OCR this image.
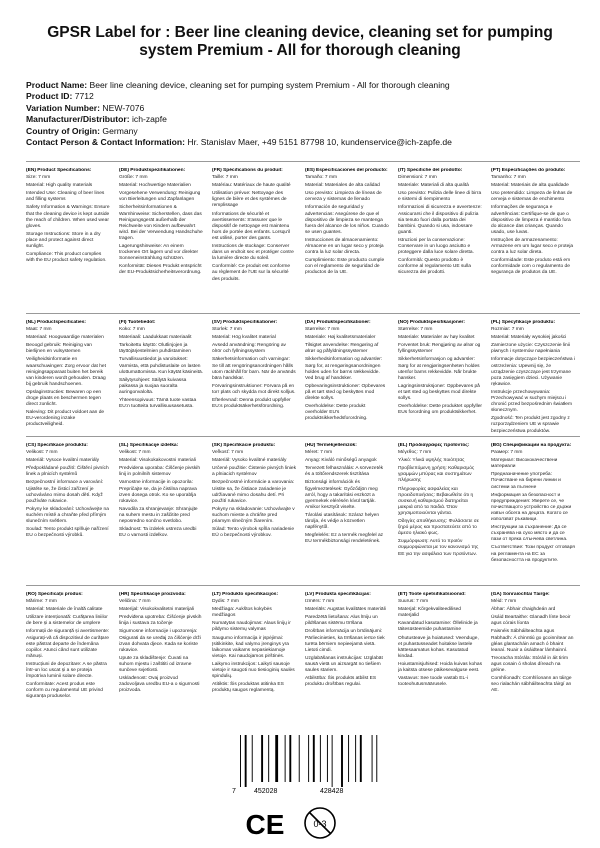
GPSR Label for : Beer line cleaning device, cleaning set for pumping system Premium - All for thorough cleaning
Product Name: Beer line cleaning device, cleaning set for pumping system Premium - All for thorough cleaning
Product ID: 7712
Variation Number: NEW-7076
Manufacturer/Distributor: ich-zapfe
Country of Origin: Germany
Contact Person & Contact Information: Hr. Stanislav Maer, +49 5151 87798 10, kundenservice@ich-zapfe.de
(EN) Product Specifications:

Size: 7 mm

Material: High quality materials

Intended Use: Cleaning of beer lines and filling systems

Safety Information & Warnings: Ensure that the cleaning device is kept outside the reach of children. When used wear gloves.

Storage Instructions: Store in a dry place and protect against direct sunlight.

Compliance: This product complies with the EU product safety regulation.

(DE) Produktspezifikationen:

Größe: 7 mm

Material: Hochwertige Materialien

Vorgesehene Verwendung: Reinigung von Bierleitungen und Zapfanlagen

Sicherheitsinformationen & Warnhinweise: Sicherstellen, dass das Reinigungsgerät außerhalb der Reichweite von Kindern aufbewahrt wird. Bei der Verwendung Handschuhe tragen.

Lagerungshinweise: An einem trockenen Ort lagern und vor direkter Sonneneinstrahlung schützen.

Konformität: Dieses Produkt entspricht der EU-Produktsicherheitsverordnung.

(FR) Spécifications du produit:

Taille: 7 mm

Matériau: Matériaux de haute qualité

Utilisation prévue: Nettoyage des lignes de bière et des systèmes de remplissage

Informations de sécurité et avertissements: S'assurer que le dispositif de nettoyage est maintenu hors de portée des enfants. Lorsqu'il est utilisé, porter des gants.

Instructions de stockage: Conserver dans un endroit sec et protéger contre la lumière directe du soleil.

Conformité: Ce produit est conforme au règlement de l'UE sur la sécurité des produits.

(ES) Especificaciones del producto:

Tamaño: 7 mm

Material: Materiales de alta calidad

Uso previsto: Limpieza de líneas de cerveza y sistemas de llenado

Información de seguridad y advertencias: Asegúrese de que el dispositivo de limpieza se mantenga fuera del alcance de los niños. Cuando se usen guantes.

Instrucciones de almacenamiento: Almacene en un lugar seco y proteja contra la luz solar directa.

Cumplimiento: Este producto cumple con el reglamento de seguridad de productos de la UE.

(IT) Specifiche del prodotto:

Dimensioni: 7 mm

Materiale: Materiali di alta qualità

Uso previsto: Pulizia delle linee di birra e sistemi di riempimento

Informazioni di sicurezza e avvertenze: Assicurarsi che il dispositivo di pulizia sia tenuto fuori dalla portata dei bambini. Quando si usa, indossare guanti.

Istruzioni per la conservazione: Conservare in un luogo asciutto e proteggere dalla luce solare diretta.

Conformità: Questo prodotto è conforme al regolamento UE sulla sicurezza dei prodotti.

(PT) Especificações do produto:

Tamanho: 7 mm

Material: Materiais de alta qualidade

Uso pretendido: Limpeza de linhas de cerveja e sistemas de enchimento

Informações de segurança e advertências: Certifique-se de que o dispositivo de limpeza é mantido fora do alcance das crianças. Quando usado, use luvas.

Instruções de armazenamento: Armazene em um lugar seco e proteja contra a luz solar direta.

Conformidade: Este produto está em conformidade com o regulamento de segurança de produtos da UE.

(NL) Productspecificaties:

Maat: 7 mm

Materiaal: Hoogwaardige materialen

Beoogd gebruik: Reiniging van bierlijnen en vulsystemen

Veiligheidsinformatie en waarschuwingen: Zorg ervoor dat het reinigingsapparaat buiten het bereik van kinderen wordt gehouden. Draag bij gebruik handschoenen.

Opslaginstructies: Bewaren op een droge plaats en beschermen tegen direct zonlicht.

Naleving: Dit product voldoet aan de EU-verordening inzake productveiligheid.

(FI) Tuotetiedot:

Koko: 7 mm

Materiaali: Laadukkaat materiaalit

Tarkoitettu käyttö: Olutlinjojen ja täyttöjärjestelmien puhdistaminen

Turvallisuustiedot ja varoitukset: Varmista, että puhdistuslaite on lasten ulottumattomissa. Kun käytät käsineitä.

Säilytysohjeet: Säilytä kuivassa paikassa ja suojaa suoralta auringonvalolta.

Yhteensopivuus: Tämä tuote vastaa EU:n tuotteita turvallisuusasetusta.

(SV) Produktspecifikationer:

Storlek: 7 mm

Material: Hög kvalitet material

Avsedd användning: Rengöring av ölrör och fyllningssystem

Säkerhetsinformation och varningar: Se till att rengöringsanordningen hålls utom räckhåll för barn. När de används bära handskar.

Förvaringsinstruktioner: Förvara på en torr plats och skydda mot direkt solljus.

Efterlevnad: Denna produkt uppfyller EU:s produktsäkerhetsförordning.

(DA) Produktspecifikationer:

Størrelse: 7 mm

Materiale: Høj kvalitetsmaterialer

Tilsigtet anvendelse: Rengøring af ølrør og påfyldningssystemer

Sikkerhedsinformation og advarsler: Sørg for, at rengøringsanordningen holdes uden for børns rækkevidde. Ved brug af handsker.

Opbevaringsinstruktioner: Opbevares på et tørt sted og beskyttes mod direkte sollys.

Overholdelse: Dette produkt overholder EU's produktsikkerhedsforordning.

(NO) Produktspesifikasjoner:

Størrelse: 7 mm

Materiale: Materialer av høy kvalitet

Forventet bruk: Rengjøring av ølrør og fyllingssystemer

Sikkerhetsinformasjon og advarsler: Sørg for at rengjøringsenheten holdes utenfor barns rekkevidde. Når brukte hansker.

Lagringsinstruksjoner: Oppbevares på et tørt sted og beskyttes mod direkte sollys.

Overholdelse: Dette produktet oppfyller EUs forordning om produktsikkerhet.

(PL) Specyfikacje produktu:

Rozmiar: 7 mm

Materiał: Materiały wysokiej jakości

Zamierzone użycie: Czyszczenie linii piwnych i systemów napełniania

Informacje dotyczące bezpieczeństwa i ostrzeżenia: Upewnij się, że urządzenie czyszczące jest trzymane poza zasięgiem dzieci. Używanie rękawice.

Instrukcje przechowywania: Przechowywać w suchym miejscu i chronić przed bezpośrednim światłem słonecznym.

Zgodność: Ten produkt jest zgodny z rozporządzeniem UE w sprawie bezpieczeństwa produktów.

(CS) Specifikace produktu:

Velikost: 7 mm

Materiál: Vysoce kvalitní materiály

Předpokládané použití: Čištění pivních linek a plnicích systémů

Bezpečnostní informace a varování: Ujistěte se, že čisticí zařízení je uchováváno mimo dosah dětí. Když používáte rukavice.

Pokyny ke skladování: Uchovávejte na suchém místě a chraňte před přímým slunečním světlem.

Soulad: Tento produkt splňuje nařízení EU o bezpečnosti výrobků.

(SL) Specifikacije izdelka:

Velikost: 7 mm

Material: Visokokakovostni materiali

Predvidena uporaba: Čiščenje pivskih linij in polnilnih sistemov

Varnostne informacije in opozorila: Prepričajte se, da je čistilna naprava izven dosega otrok. Ko se uporablja rokavice.

Navodila za shranjevanje: Shranjujte na suhem mestu in zaščitite pred neposredno sončno svetlobo.

Skladnost: Ta izdelek ustreza uredbi EU o varnosti izdelkov.

(SK) Špecifikácie produktu:

Veľkosť: 7 mm

Materiál: Vysoko kvalitné materiály

Určené použitie: Čistenie pivných liniek a plniacich systémov

Bezpečnostné informácie a varovania: Uistite sa, že čistiace zariadenie je udržiavané mimo dosahu detí. Pri použití rukavice.

Pokyny na skladovanie: Uchovávajte v suchom mieste a chráňte pred priamym slnečným žiarením.

Súlad: Tento výrobok spĺňa nariadenie EÚ o bezpečnosti výrobkov.

(HU) Termékjellemzők:

Méret: 7 mm

Anyag: Kiváló minőségű anyagok

Tervezett felhasználás: A sörvezeték és a töltőrendszerek tisztítása

Biztonsági információk és figyelmeztetések: Győződjön meg arról, hogy a takarítási eszközt a gyermekek elérésén kívül tartják. Amikor kesztyűt viselte.

Tárolási utasítások: Száraz helyen tárolja, és védje a közvetlen napfénytől.

Megfelelés: Ez a termék megfelel az EU termékbiztonsági rendeletének.

(EL) Προδιαγραφές προϊόντος:

Μέγεθος: 7 mm

Υλικό: Υλικά υψηλής ποιότητας

Προβλεπόμενη χρήση: Καθαρισμός γραμμών μπύρας και συστημάτων πλήρωσης

Πληροφορίες ασφαλείας και προειδοποιήσεις: Βεβαιωθείτε ότι η συσκευή καθαρισμού διατηρείται μακριά από τα παιδιά. Όταν χρησιμοποιούνται γάντια.

Οδηγίες αποθήκευσης: Φυλάσσετε σε ξηρό μέρος και προστατεύετε από το άμεσο ηλιακό φως.

Συμμόρφωση: Αυτό το προϊόν συμμορφώνεται με τον κανονισμό της ΕΕ για την ασφάλεια των προϊόντων.

(BG) Спецификации на продукта:

Размер: 7 mm

Материал: Висококачествени материали

Предназначение употреба: Почистване на бирени линии и системи за пълнене

Информация за безопасност и предупреждения: Уверете се, че почистващото устройство се държи извън обсега на децата. Когато се използват ръкавици.

Инструкции за съхранение: Да се съхранява на сухо място и да се пази от пряка слънчева светлина.

Съответствие: Този продукт отговаря на регламента на ЕС за безопасността на продуктите.

(RO) Specificații produs:

Mărime: 7 mm

Material: Materiale de înaltă calitate

Utilizare intenționată: Curățarea liniilor de bere și a sistemelor de umplere

Informații de siguranță și avertismente: Asigurați-vă că dispozitivul de curățare este păstrat departe de îndemâna copiilor. Atunci când sunt utilizate mănuși.

Instrucțiuni de depozitare: A se păstra într-un loc uscat și a se proteja împotriva luminii solare directe.

Conformitate: Acest produs este conform cu regulamentul UE privind siguranța produselor.

(HR) Specifikacije proizvoda:

Veličina: 7 mm

Materijal: Visokokvalitetni materijali

Predviđena upotreba: Čišćenje pivskih linija i sustava za točenje

Sigurnosne informacije i upozorenja: Osigurati da se uređaj za čišćenje drži izvan dohvata djece. Kada se koriste rukavice.

Upute za skladištenje: Čuvati na suhom mjestu i zaštititi od izravne sunčeve svjetlosti.

Usklađenost: Ovaj proizvod zadovoljava uredbu EU-a o sigurnosti proizvoda.

(LT) Produkto specifikacijos:

Dydis: 7 mm

Medžiaga: Aukštos kokybės medžiagos

Numatytas naudojimas: Alaus linijų ir pildymo sistemų valymas

Saugumo informacija ir įspėjimai: Įsitikinkite, kad valymo įrenginys yra laikomas vaikams nepasiekiamoje vietoje. Kai naudojamos pirštinės.

Laikymo instrukcijos: Laikyti sausoje vietoje ir saugoti nuo tiesioginių saulės spindulių.

Atitiktis: Šis produktas atitinka ES produktų saugos reglamentą.

(LV) Produkta specifikācijas:

Izmērs: 7 mm

Materiāls: Augstas kvalitātes materiāli

Paredzētā lietošana: Alus līniju un pildīšanas sistēmu tīrīšana

Drošības informācija un brīdinājumi: Pārliecinieties, ka tīrīšanas ierīce tiek turēta bērniem nepieejamā vietā. Lietoti cimdi.

Uzglabāšanas instrukcijas: Uzglabāt sausā vietā un aizsargāt no tiešiem saules stariem.

Atbilstība: Šis produkts atbilst ES produktu drošības regulai.

(ET) Toote spetsifikatsioonid:

Suurus: 7 mm

Materjal: Kõrgekvaliteedilised materjalid

Kavandatud kasutamine: Õllelinide ja täitesüsteemide puhastamine

Ohutusteave ja hoiatused: Veenduge, et puhastusseadet hoitakse lastele kättesaamatus kohas. Kasutatud kindad.

Hoiustamisjuhised: Hoida kuivas kohas ja kaitsta otsese päikesevalguse eest.

Vastavus: See toode vastab EL-i tooteohutusmäärusele.

(GA) Sonraíochtaí Táirge:

Méid: 7 mm

Ábhar: Ábhair chaighdeán ard

Úsáid Beartaithe: Glanadh línte beoir agus córais líonta

Faisnéis Sábháilteachta agus Rabhadh: Á chinntiú go gcoinnítear an gléas glantacháin amach ó bhaint leanaí. Nuair a úsáidtear lámhainní.

Treoracha Stórála: Stóráil in áit tirim agus cosain ó sholas díreach na gréine.

Comhlíonadh: Comhlíonann an táirge seo rialachán sábháilteachta táirgí an AE.

7	452028	428428
CE	0-3
